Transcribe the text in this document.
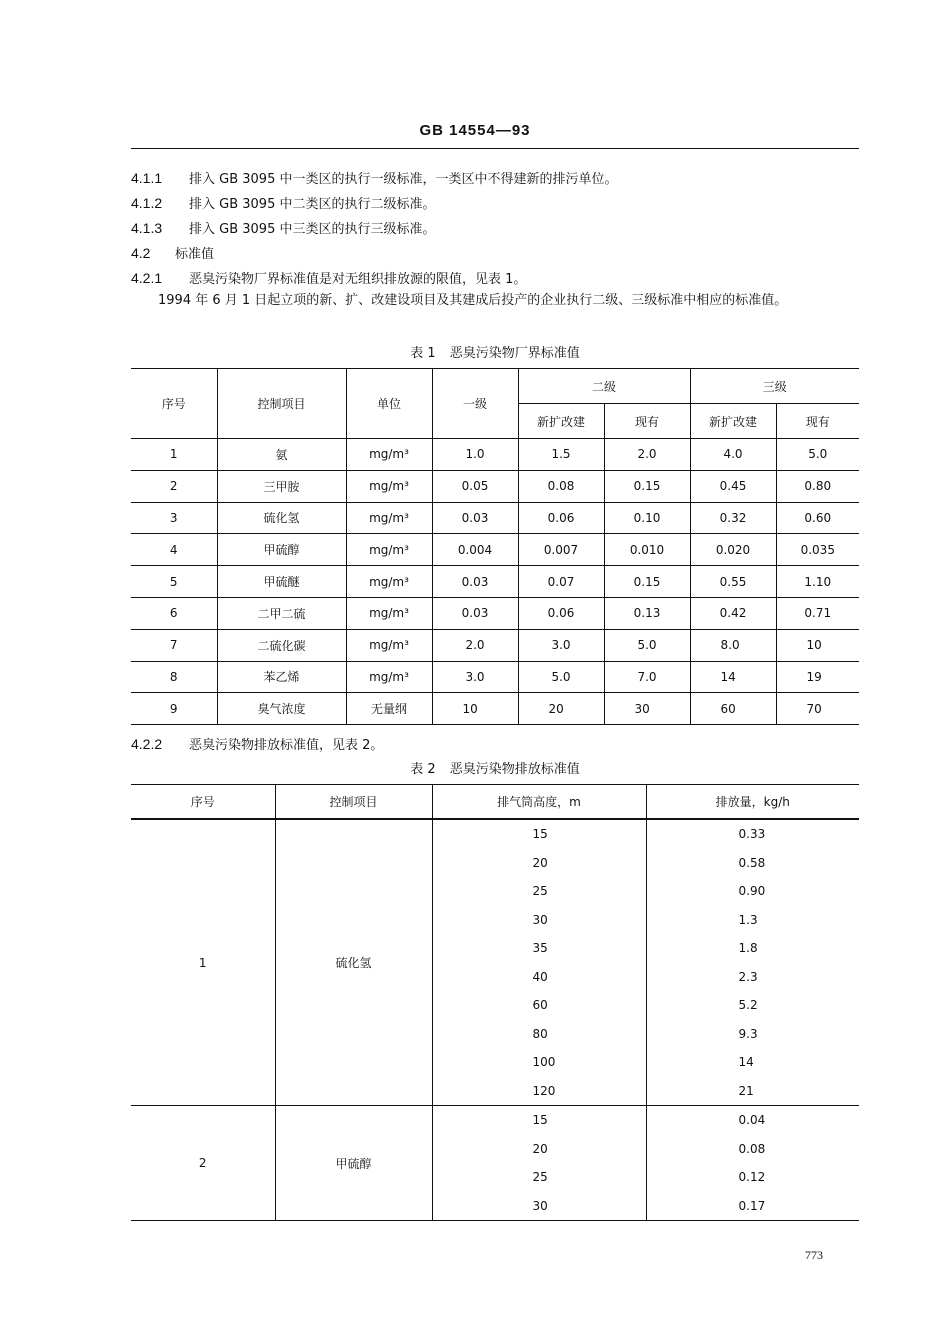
GB 14554—93
4.1.1 排入 GB 3095 中一类区的执行一级标准，一类区中不得建新的排污单位。
4.1.2 排入 GB 3095 中二类区的执行二级标准。
4.1.3 排入 GB 3095 中三类区的执行三级标准。
4.2 标准值
4.2.1 恶臭污染物厂界标准值是对无组织排放源的限值，见表 1。
1994 年 6 月 1 日起立项的新、扩、改建设项目及其建成后投产的企业执行二级、三级标准中相应的标准值。
表 1 恶臭污染物厂界标准值
序号	控制项目	单位	一级	二级		三级	
				新扩改建	现有	新扩改建	现有
1	氨	mg/m³	1.0	1.5	2.0	4.0	5.0
2	三甲胺	mg/m³	0.05	0.08	0.15	0.45	0.80
3	硫化氢	mg/m³	0.03	0.06	0.10	0.32	0.60
4	甲硫醇	mg/m³	0.004	0.007	0.010	0.020	0.035
5	甲硫醚	mg/m³	0.03	0.07	0.15	0.55	1.10
6	二甲二硫	mg/m³	0.03	0.06	0.13	0.42	0.71
7	二硫化碳	mg/m³	2.0	3.0	5.0	8.0	10
8	苯乙烯	mg/m³	3.0	5.0	7.0	14	19
9	臭气浓度	无量纲	10	20	30	60	70
4.2.2 恶臭污染物排放标准值，见表 2。
表 2 恶臭污染物排放标准值
序号	控制项目	排气筒高度，m	排放量，kg/h
1	硫化氢	15	0.33
		20	0.58
		25	0.90
		30	1.3
		35	1.8
		40	2.3
		60	5.2
		80	9.3
		100	14
		120	21
2	甲硫醇	15	0.04
		20	0.08
		25	0.12
		30	0.17
773
